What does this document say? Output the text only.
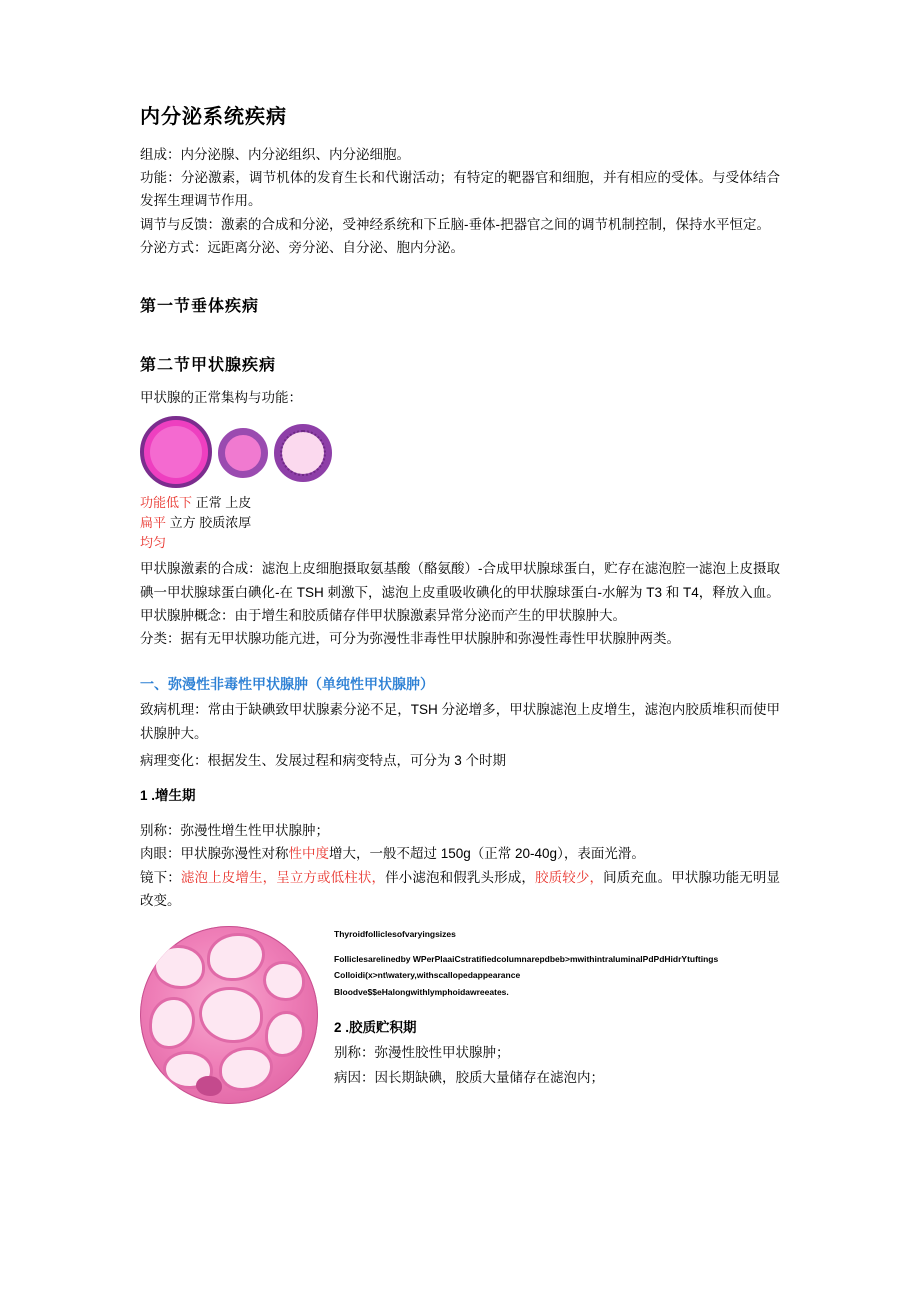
内分泌系统疾病

组成：内分泌腺、内分泌组织、内分泌细胞。

功能：分泌激素，调节机体的发育生长和代谢活动；有特定的靶器官和细胞，并有相应的受体。与受体结合发挥生理调节作用。

调节与反馈：激素的合成和分泌，受神经系统和下丘脑-垂体-把器官之间的调节机制控制，保持水平恒定。

分泌方式：远距离分泌、旁分泌、自分泌、胞内分泌。

第一节垂体疾病
第二节甲状腺疾病
甲状腺的正常集构与功能：
功能低下 正常 上皮
扁平 立方 胶质浓厚
均匀

甲状腺激素的合成：滤泡上皮细胞摄取氨基酸（酪氨酸）-合成甲状腺球蛋白，贮存在滤泡腔一滤泡上皮摄取碘一甲状腺球蛋白碘化-在 TSH 刺激下，滤泡上皮重吸收碘化的甲状腺球蛋白-水解为 T3 和 T4，释放入血。

甲状腺肿概念：由于增生和胶质储存伴甲状腺激素异常分泌而产生的甲状腺肿大。

分类：据有无甲状腺功能亢进，可分为弥漫性非毒性甲状腺肿和弥漫性毒性甲状腺肿两类。

一、弥漫性非毒性甲状腺肿（单纯性甲状腺肿）

致病机理：常由于缺碘致甲状腺素分泌不足，TSH 分泌增多，甲状腺滤泡上皮增生，滤泡内胶质堆积而使甲状腺肿大。

病理变化：根据发生、发展过程和病变特点，可分为 3 个时期

1 .增生期

别称：弥漫性增生性甲状腺肿；

肉眼：甲状腺弥漫性对称性中度增大，一般不超过 150g（正常 20-40g），表面光滑。

镜下：滤泡上皮增生，呈立方或低柱状，伴小滤泡和假乳头形成，胶质较少，间质充血。甲状腺功能无明显改变。

Thyroidfolliclesofvaryingsizes
Folliclesarelinedby WPerPlaaiCstratifiedcolumnarepdbeb>mwithintraluminalPdPdHidrYtuftings
Colloidi(x>nt\watery,withscallopedappearance
Bloodve$$eHalongwithlymphoidawreeates.
2 .胶质贮积期
别称：弥漫性胶性甲状腺肿；
病因：因长期缺碘，胶质大量储存在滤泡内；
